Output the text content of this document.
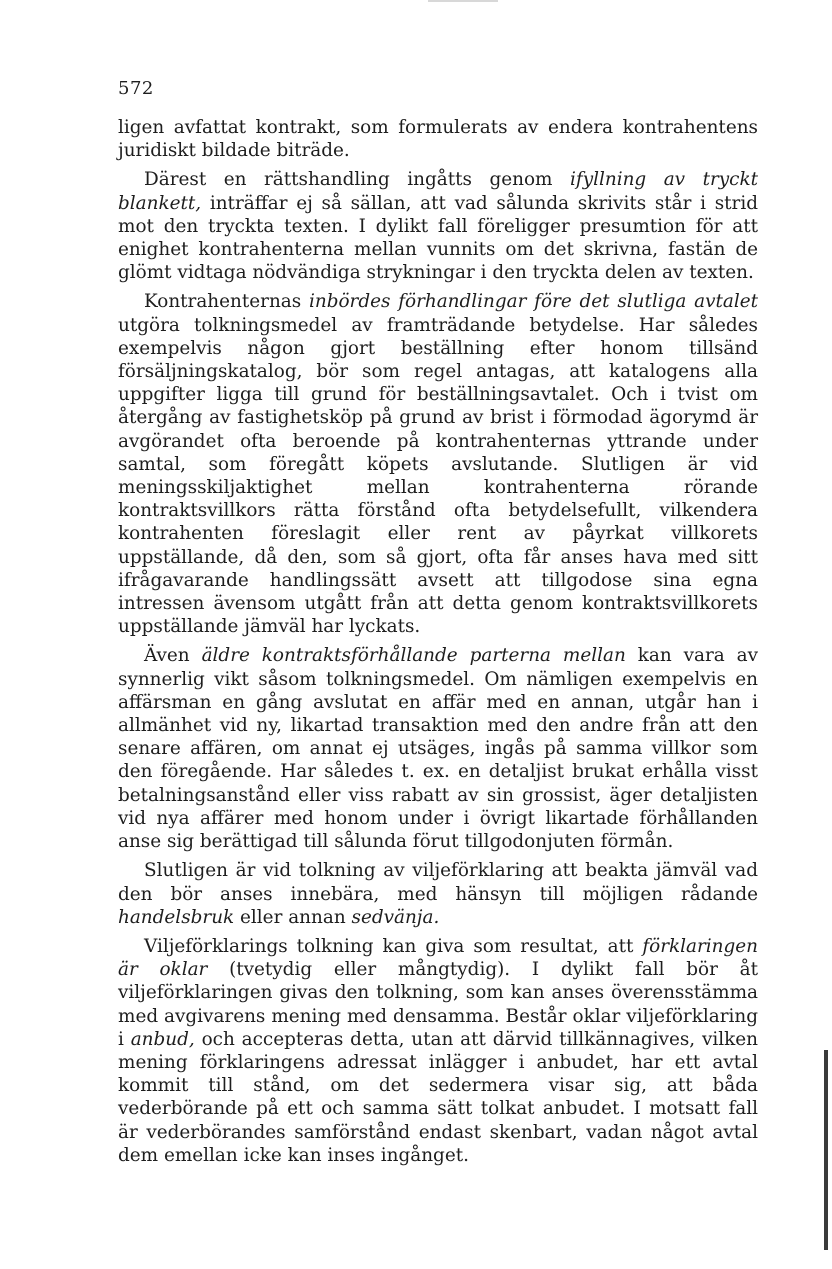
572

ligen avfattat kontrakt, som formulerats av endera kontrahentens juridiskt bildade biträde.

Därest en rättshandling ingåtts genom ifyllning av tryckt blankett, inträffar ej så sällan, att vad sålunda skrivits står i strid mot den tryckta texten. I dylikt fall föreligger presumtion för att enighet kontrahenterna mellan vunnits om det skrivna, fastän de glömt vidtaga nödvändiga strykningar i den tryckta delen av texten.

Kontrahenternas inbördes förhandlingar före det slutliga avtalet utgöra tolkningsmedel av framträdande betydelse. Har således exempelvis någon gjort beställning efter honom tillsänd försäljningskatalog, bör som regel antagas, att katalogens alla uppgifter ligga till grund för beställningsavtalet. Och i tvist om återgång av fastighetsköp på grund av brist i förmodad ägorymd är avgörandet ofta beroende på kontrahenternas yttrande under samtal, som föregått köpets avslutande. Slutligen är vid meningsskiljaktighet mellan kontrahenterna rörande kontraktsvillkors rätta förstånd ofta betydelsefullt, vilkendera kontrahenten föreslagit eller rent av påyrkat villkorets uppställande, då den, som så gjort, ofta får anses hava med sitt ifrågavarande handlingssätt avsett att tillgodose sina egna intressen ävensom utgått från att detta genom kontraktsvillkorets uppställande jämväl har lyckats.

Även äldre kontraktsförhållande parterna mellan kan vara av synnerlig vikt såsom tolkningsmedel. Om nämligen exempelvis en affärsman en gång avslutat en affär med en annan, utgår han i allmänhet vid ny, likartad transaktion med den andre från att den senare affären, om annat ej utsäges, ingås på samma villkor som den föregående. Har således t. ex. en detaljist brukat erhålla visst betalningsanstånd eller viss rabatt av sin grossist, äger detaljisten vid nya affärer med honom under i övrigt likartade förhållanden anse sig berättigad till sålunda förut tillgodonjuten förmån.

Slutligen är vid tolkning av viljeförklaring att beakta jämväl vad den bör anses innebära, med hänsyn till möjligen rådande handelsbruk eller annan sedvänja.

Viljeförklarings tolkning kan giva som resultat, att förklaringen är oklar (tvetydig eller mångtydig). I dylikt fall bör åt viljeförklaringen givas den tolkning, som kan anses överensstämma med avgivarens mening med densamma. Består oklar viljeförklaring i anbud, och accepteras detta, utan att därvid tillkännagives, vilken mening förklaringens adressat inlägger i anbudet, har ett avtal kommit till stånd, om det sedermera visar sig, att båda vederbörande på ett och samma sätt tolkat anbudet. I motsatt fall är vederbörandes samförstånd endast skenbart, vadan något avtal dem emellan icke kan inses ingånget.
